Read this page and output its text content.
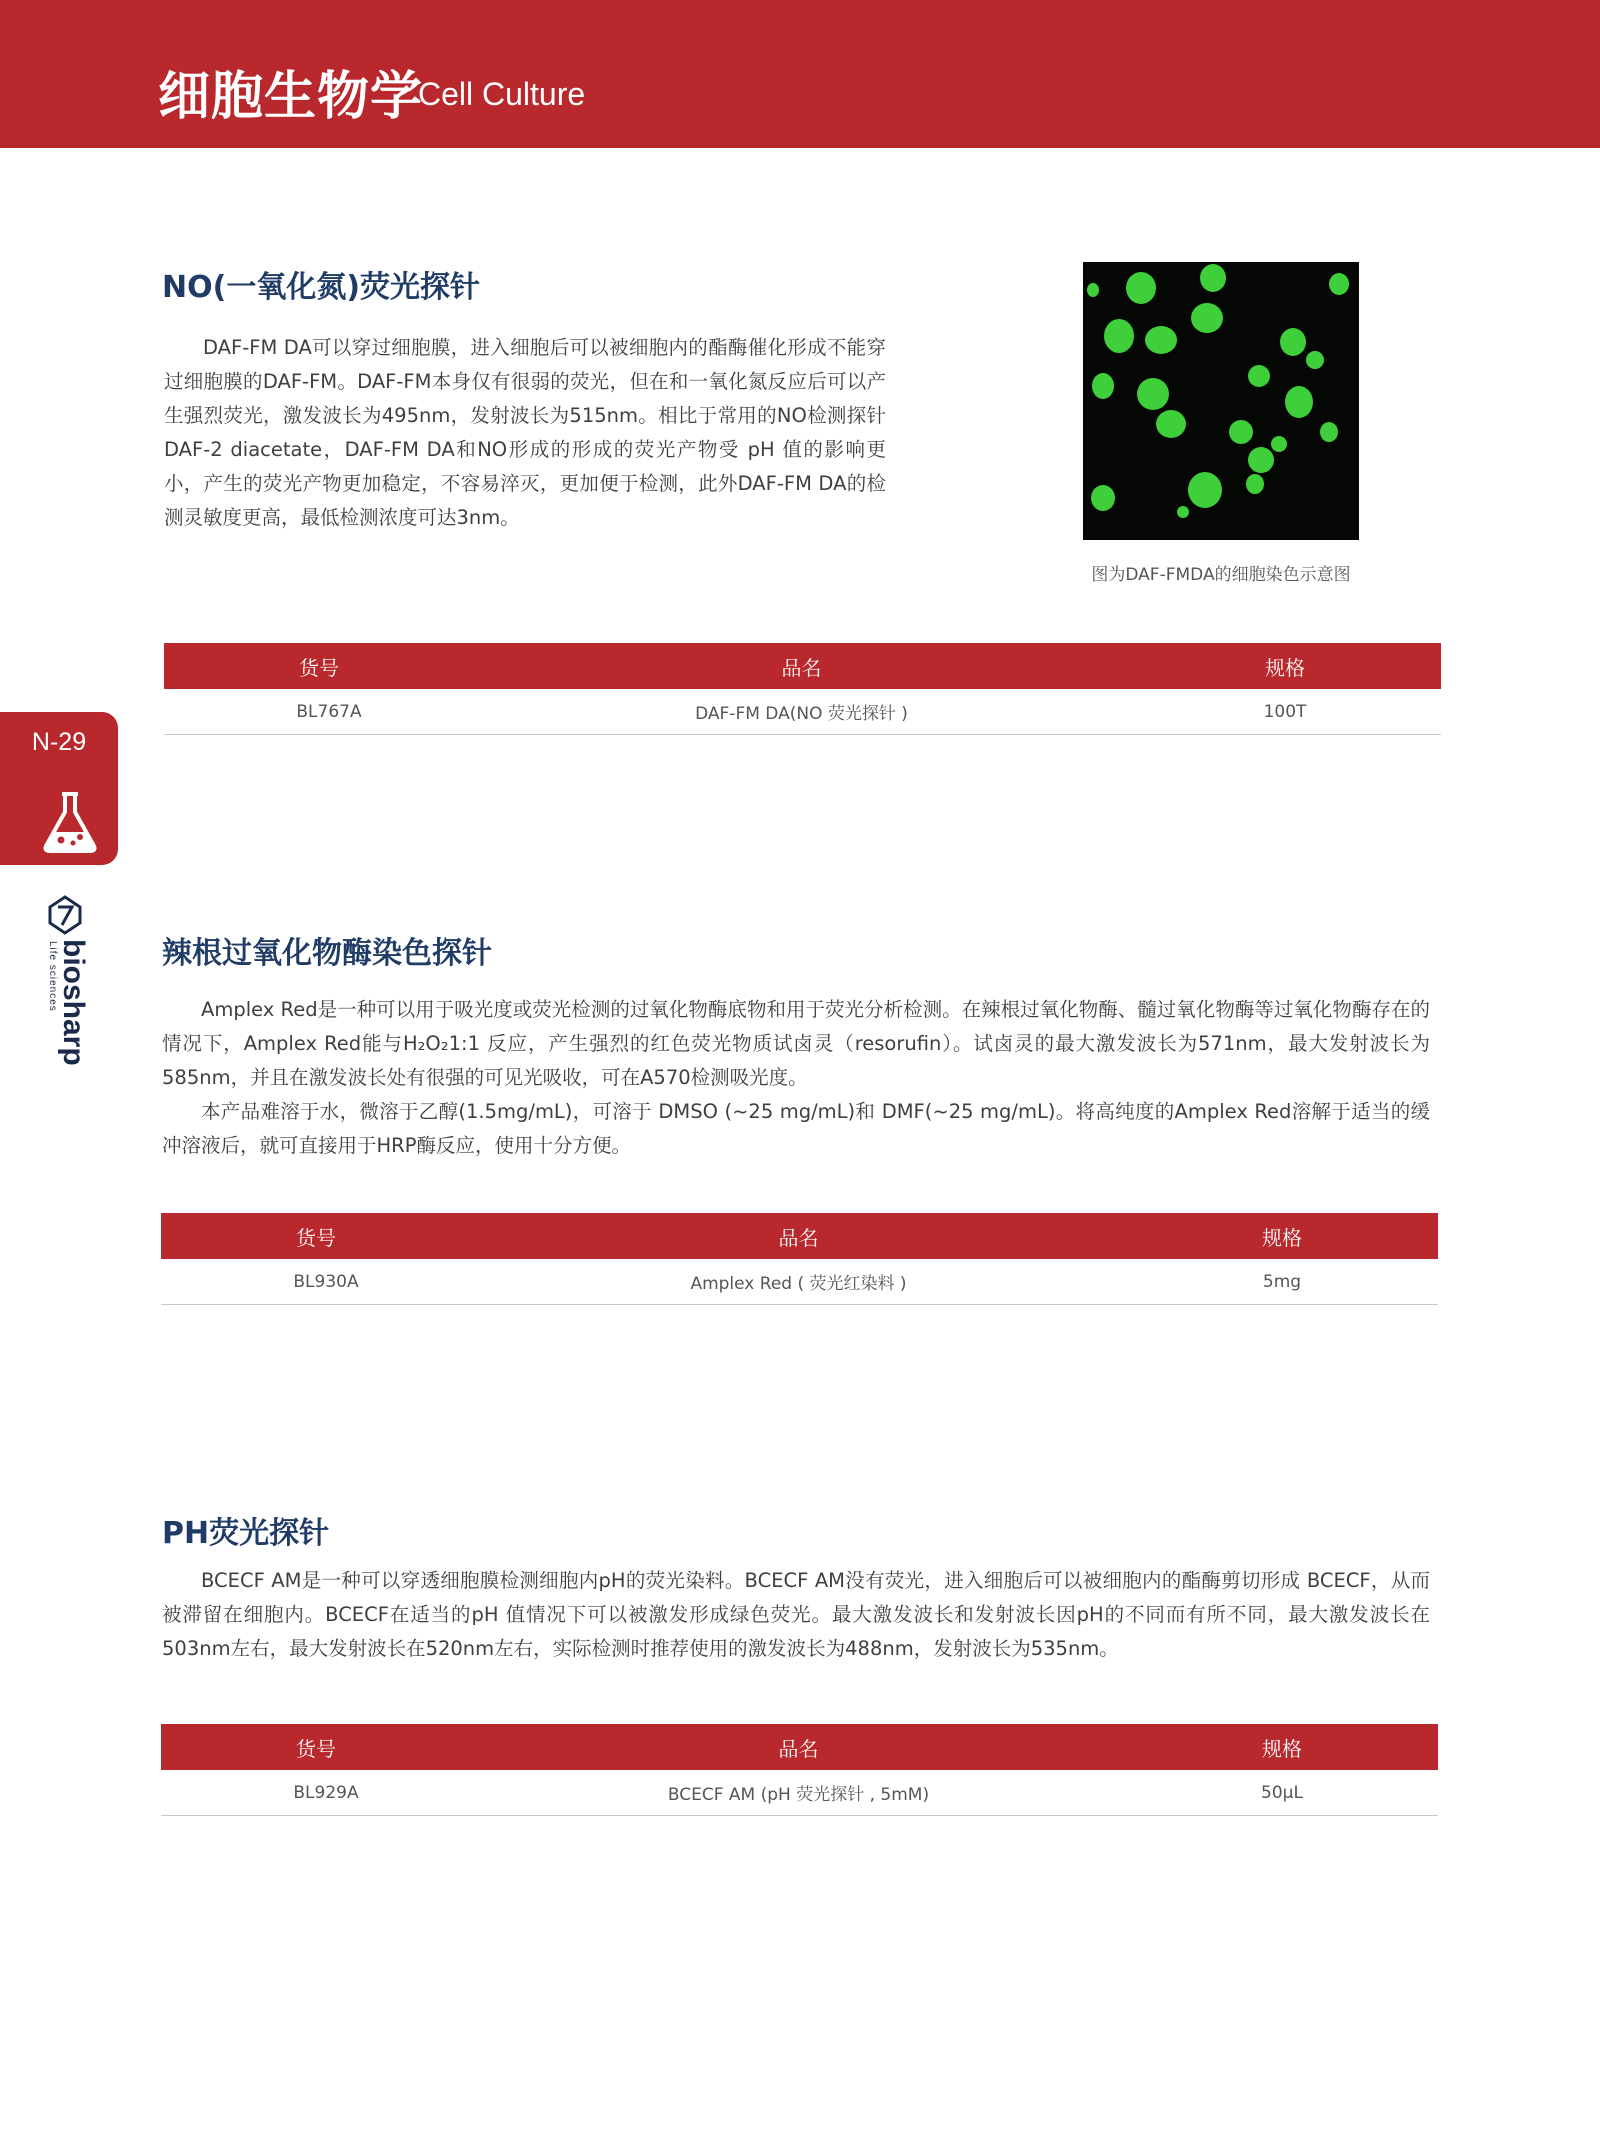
细胞生物学
Cell Culture
N-29
biosharp
Life sciences
NO(一氧化氮)荧光探针

DAF-FM DA可以穿过细胞膜，进入细胞后可以被细胞内的酯酶催化形成不能穿过细胞膜的DAF-FM。DAF-FM本身仅有很弱的荧光，但在和一氧化氮反应后可以产生强烈荧光，激发波长为495nm，发射波长为515nm。相比于常用的NO检测探针DAF-2 diacetate，DAF-FM DA和NO形成的形成的荧光产物受 pH 值的影响更小，产生的荧光产物更加稳定，不容易淬灭，更加便于检测，此外DAF-FM DA的检测灵敏度更高，最低检测浓度可达3nm。

图为DAF-FMDA的细胞染色示意图
货号	品名	规格
BL767A	DAF-FM DA(NO 荧光探针 )	100T
辣根过氧化物酶染色探针

Amplex Red是一种可以用于吸光度或荧光检测的过氧化物酶底物和用于荧光分析检测。在辣根过氧化物酶、髓过氧化物酶等过氧化物酶存在的情况下，Amplex Red能与H₂O₂1:1 反应，产生强烈的红色荧光物质试卤灵（resorufin）。试卤灵的最大激发波长为571nm，最大发射波长为585nm，并且在激发波长处有很强的可见光吸收，可在A570检测吸光度。

本产品难溶于水，微溶于乙醇(1.5mg/mL)，可溶于 DMSO (~25 mg/mL)和 DMF(~25 mg/mL)。将高纯度的Amplex Red溶解于适当的缓冲溶液后，就可直接用于HRP酶反应，使用十分方便。

货号	品名	规格
BL930A	Amplex Red ( 荧光红染料 )	5mg
PH荧光探针

BCECF AM是一种可以穿透细胞膜检测细胞内pH的荧光染料。BCECF AM没有荧光，进入细胞后可以被细胞内的酯酶剪切形成 BCECF，从而被滞留在细胞内。BCECF在适当的pH 值情况下可以被激发形成绿色荧光。最大激发波长和发射波长因pH的不同而有所不同，最大激发波长在503nm左右，最大发射波长在520nm左右，实际检测时推荐使用的激发波长为488nm，发射波长为535nm。

货号	品名	规格
BL929A	BCECF AM (pH 荧光探针 , 5mM)	50μL
